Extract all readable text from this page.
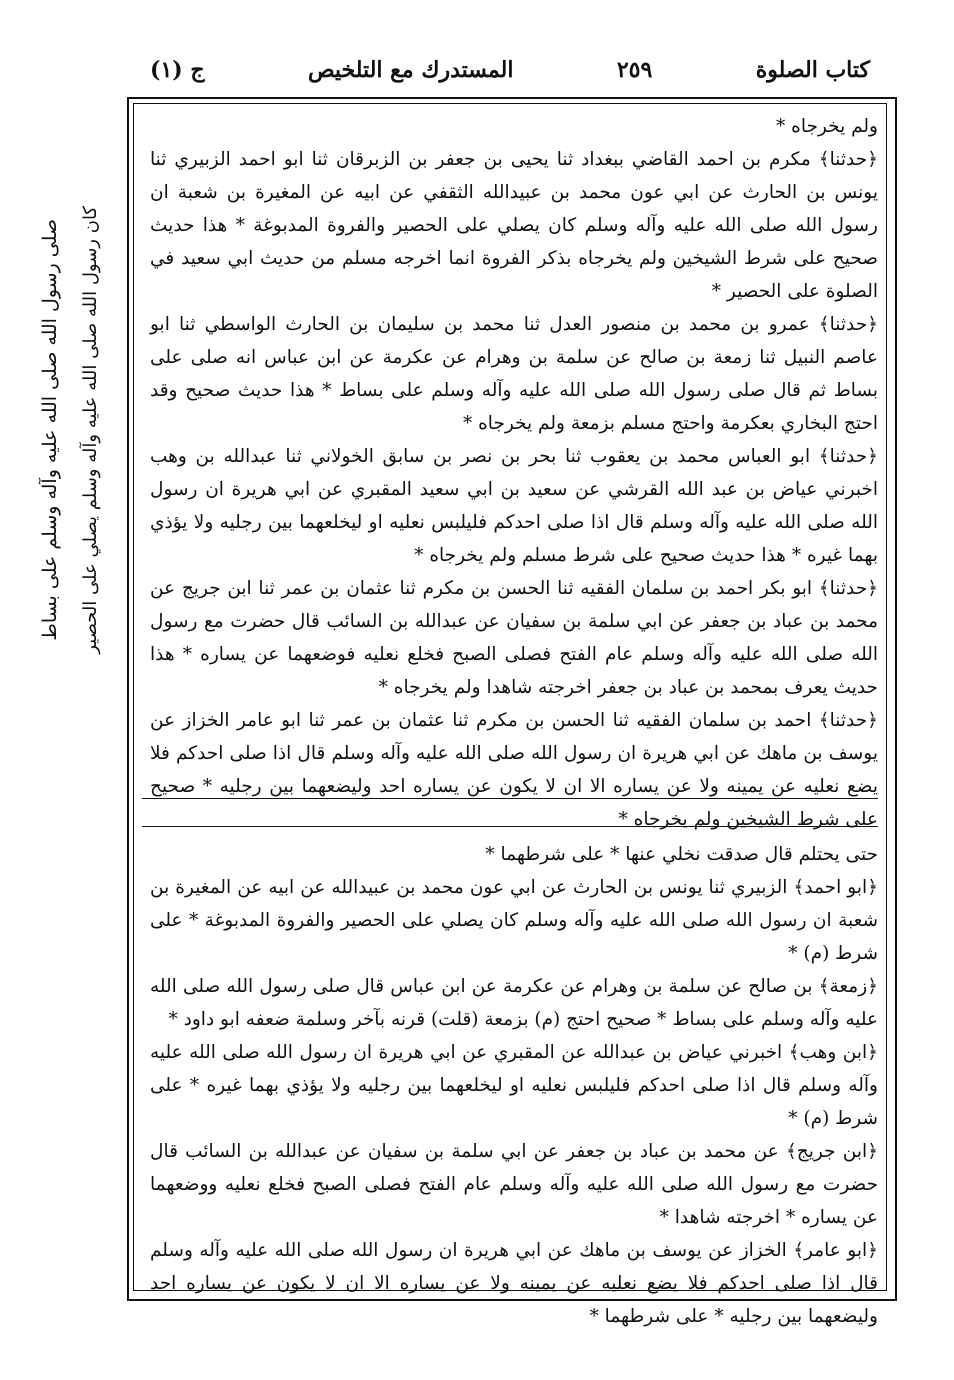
ج (١)	المستدرك مع التلخيص	٢٥٩	كتاب الصلوة
صلى رسول الله صلى الله عليه وآله وسلم على بساط كان رسول الله صلى الله عليه وآله وسلم يصلي على الحصير

ولم يخرجاه *

﴿حدثنا﴾ مكرم بن احمد القاضي ببغداد ثنا يحيى بن جعفر بن الزبرقان ثنا ابو احمد الزبيري ثنا يونس بن الحارث عن ابي عون محمد بن عبيدالله الثقفي عن ابيه عن المغيرة بن شعبة ان رسول الله صلى الله عليه وآله وسلم كان يصلي على الحصير والفروة المدبوغة * هذا حديث صحيح على شرط الشيخين ولم يخرجاه بذكر الفروة انما اخرجه مسلم من حديث ابي سعيد في الصلوة على الحصير *

﴿حدثنا﴾ عمرو بن محمد بن منصور العدل ثنا محمد بن سليمان بن الحارث الواسطي ثنا ابو عاصم النبيل ثنا زمعة بن صالح عن سلمة بن وهرام عن عكرمة عن ابن عباس انه صلى على بساط ثم قال صلى رسول الله صلى الله عليه وآله وسلم على بساط * هذا حديث صحيح وقد احتج البخاري بعكرمة واحتج مسلم بزمعة ولم يخرجاه *

﴿حدثنا﴾ ابو العباس محمد بن يعقوب ثنا بحر بن نصر بن سابق الخولاني ثنا عبدالله بن وهب اخبرني عياض بن عبد الله القرشي عن سعيد بن ابي سعيد المقبري عن ابي هريرة ان رسول الله صلى الله عليه وآله وسلم قال اذا صلى احدكم فليلبس نعليه او ليخلعهما بين رجليه ولا يؤذي بهما غيره * هذا حديث صحيح على شرط مسلم ولم يخرجاه *

﴿حدثنا﴾ ابو بكر احمد بن سلمان الفقيه ثنا الحسن بن مكرم ثنا عثمان بن عمر ثنا ابن جريج عن محمد بن عباد بن جعفر عن ابي سلمة بن سفيان عن عبدالله بن السائب قال حضرت مع رسول الله صلى الله عليه وآله وسلم عام الفتح فصلى الصبح فخلع نعليه فوضعهما عن يساره * هذا حديث يعرف بمحمد بن عباد بن جعفر اخرجته شاهدا ولم يخرجاه *

﴿حدثنا﴾ احمد بن سلمان الفقيه ثنا الحسن بن مكرم ثنا عثمان بن عمر ثنا ابو عامر الخزاز عن يوسف بن ماهك عن ابي هريرة ان رسول الله صلى الله عليه وآله وسلم قال اذا صلى احدكم فلا يضع نعليه عن يمينه ولا عن يساره الا ان لا يكون عن يساره احد وليضعهما بين رجليه * صحيح على شرط الشيخين ولم يخرجاه *

حتى يحتلم قال صدقت نخلي عنها * على شرطهما *

﴿ابو احمد﴾ الزبيري ثنا يونس بن الحارث عن ابي عون محمد بن عبيدالله عن ابيه عن المغيرة بن شعبة ان رسول الله صلى الله عليه وآله وسلم كان يصلي على الحصير والفروة المدبوغة * على شرط (م) *

﴿زمعة﴾ بن صالح عن سلمة بن وهرام عن عكرمة عن ابن عباس قال صلى رسول الله صلى الله عليه وآله وسلم على بساط * صحيح احتج (م) بزمعة (قلت) قرنه بآخر وسلمة ضعفه ابو داود *

﴿ابن وهب﴾ اخبرني عياض بن عبدالله عن المقبري عن ابي هريرة ان رسول الله صلى الله عليه وآله وسلم قال اذا صلى احدكم فليلبس نعليه او ليخلعهما بين رجليه ولا يؤذي بهما غيره * على شرط (م) *

﴿ابن جريج﴾ عن محمد بن عباد بن جعفر عن ابي سلمة بن سفيان عن عبدالله بن السائب قال حضرت مع رسول الله صلى الله عليه وآله وسلم عام الفتح فصلى الصبح فخلع نعليه ووضعهما عن يساره * اخرجته شاهدا *

﴿ابو عامر﴾ الخزاز عن يوسف بن ماهك عن ابي هريرة ان رسول الله صلى الله عليه وآله وسلم قال اذا صلى احدكم فلا يضع نعليه عن يمينه ولا عن يساره الا ان لا يكون عن يساره احد وليضعهما بين رجليه * على شرطهما *
